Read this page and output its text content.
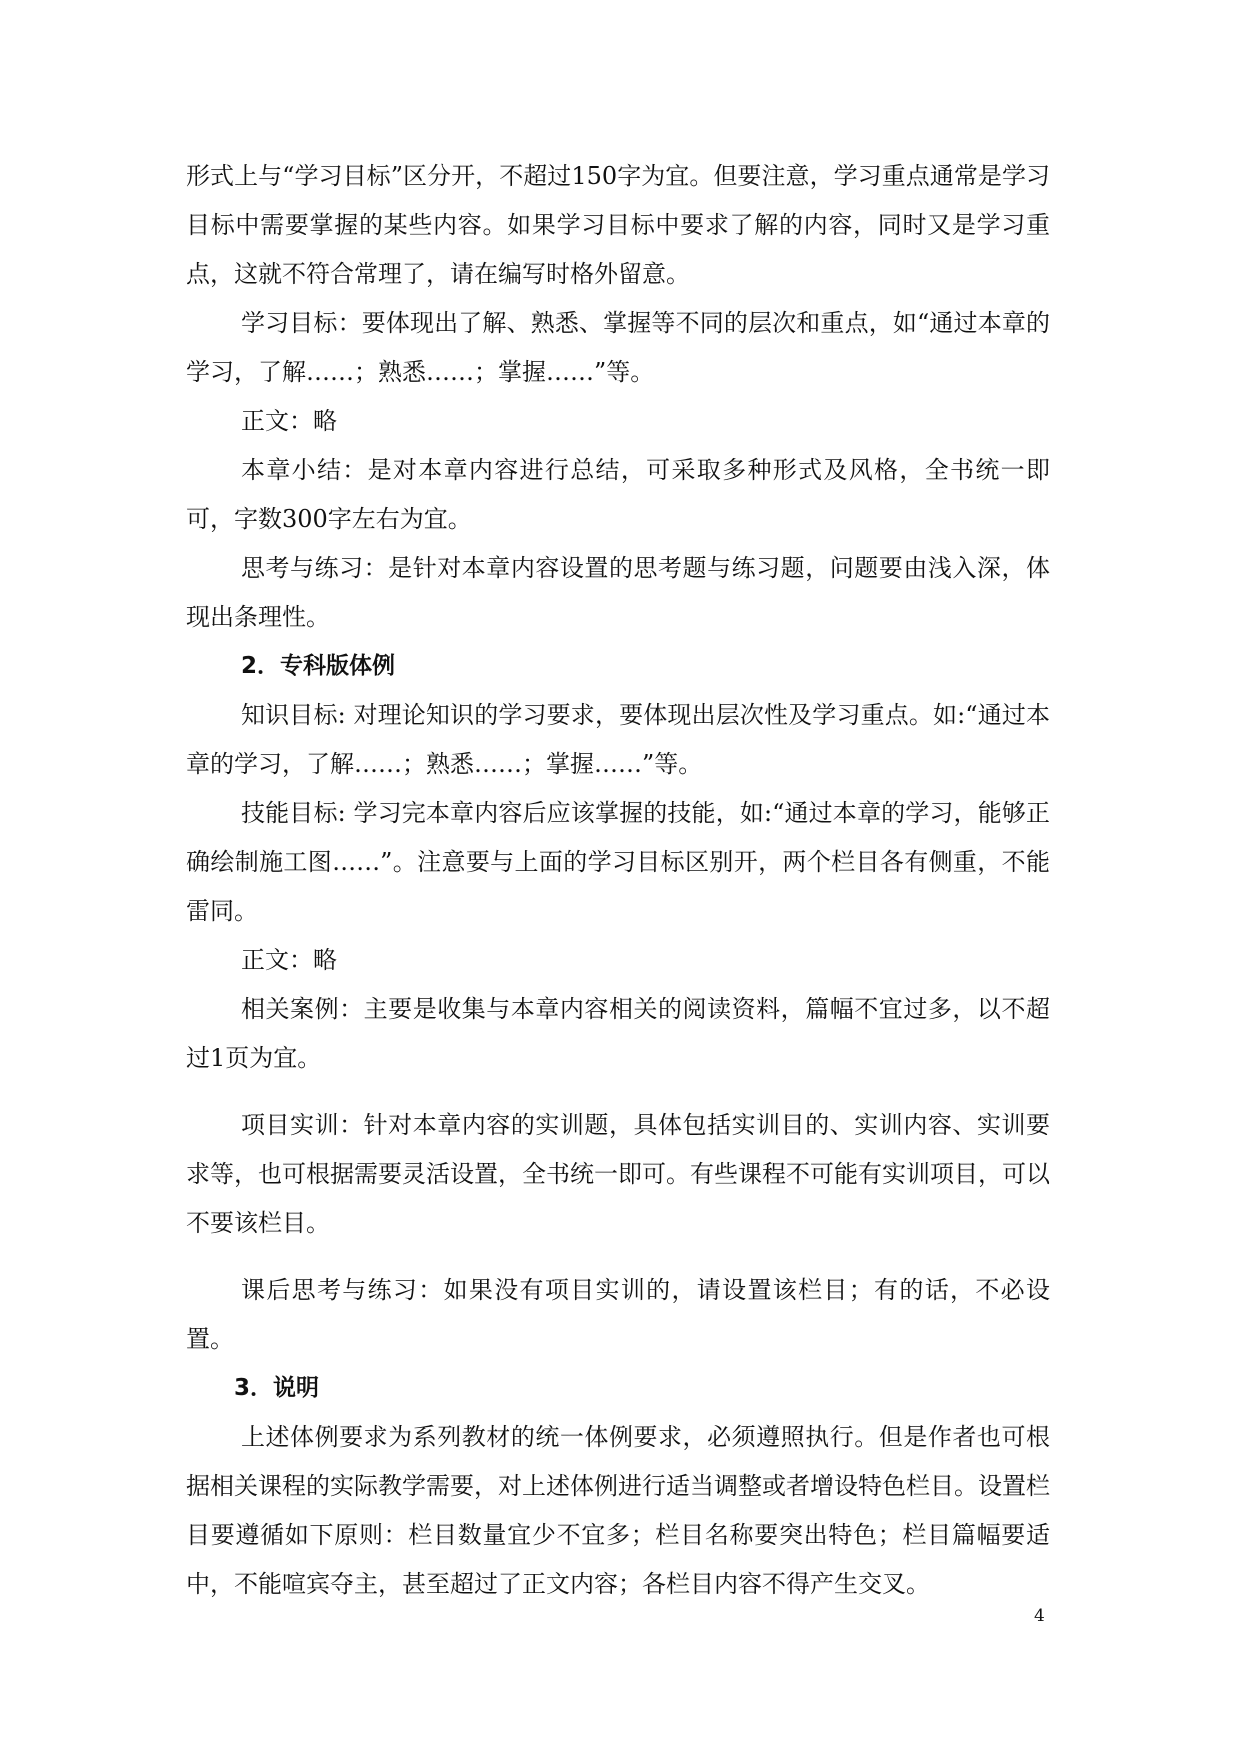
形式上与“学习目标”区分开，不超过150字为宜。但要注意，学习重点通常是学习目标中需要掌握的某些内容。如果学习目标中要求了解的内容，同时又是学习重点，这就不符合常理了，请在编写时格外留意。

学习目标：要体现出了解、熟悉、掌握等不同的层次和重点，如“通过本章的学习，了解……；熟悉……；掌握……”等。

正文：略

本章小结：是对本章内容进行总结，可采取多种形式及风格，全书统一即可，字数300字左右为宜。

思考与练习：是针对本章内容设置的思考题与练习题，问题要由浅入深，体现出条理性。

2．专科版体例

知识目标: 对理论知识的学习要求，要体现出层次性及学习重点。如:“通过本章的学习，了解……；熟悉……；掌握……”等。

技能目标: 学习完本章内容后应该掌握的技能，如:“通过本章的学习，能够正确绘制施工图……”。注意要与上面的学习目标区别开，两个栏目各有侧重，不能雷同。

正文：略

相关案例：主要是收集与本章内容相关的阅读资料，篇幅不宜过多，以不超过1页为宜。

项目实训：针对本章内容的实训题，具体包括实训目的、实训内容、实训要求等，也可根据需要灵活设置，全书统一即可。有些课程不可能有实训项目，可以不要该栏目。

课后思考与练习：如果没有项目实训的，请设置该栏目；有的话，不必设置。

3．说明

上述体例要求为系列教材的统一体例要求，必须遵照执行。但是作者也可根据相关课程的实际教学需要，对上述体例进行适当调整或者增设特色栏目。设置栏目要遵循如下原则：栏目数量宜少不宜多；栏目名称要突出特色；栏目篇幅要适中，不能喧宾夺主，甚至超过了正文内容；各栏目内容不得产生交叉。

4
